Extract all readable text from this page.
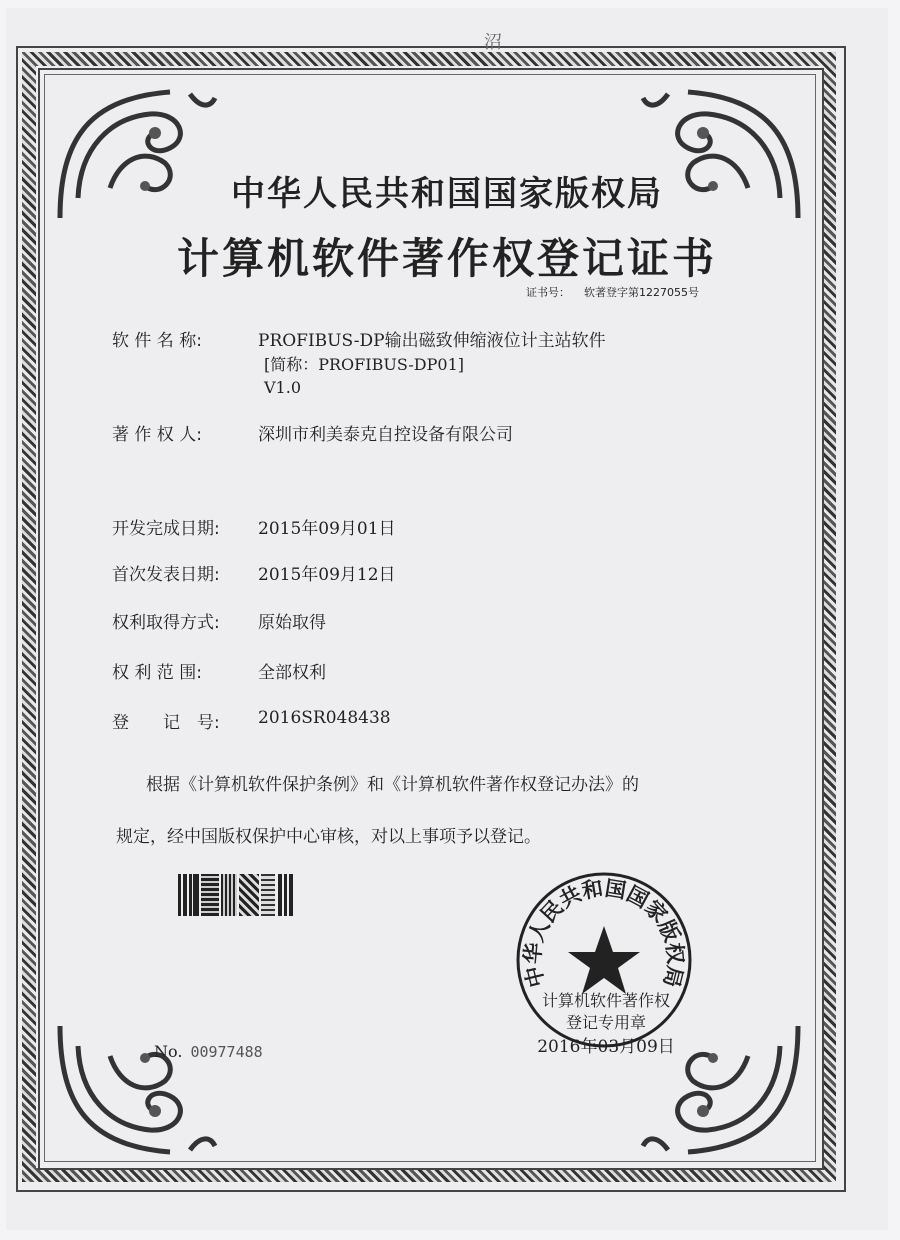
沼
中华人民共和国国家版权局
计算机软件著作权登记证书
证书号： 软著登字第1227055号
软 件 名 称:	PROFIBUS-DP输出磁致伸缩液位计主站软件
[简称：PROFIBUS-DP01]
V1.0
著 作 权 人:	深圳市利美泰克自控设备有限公司
开发完成日期: 2015年09月01日
首次发表日期: 2015年09月12日
权利取得方式: 原始取得
权 利 范 围:	全部权利
登　　记　号: 2016SR048438
根据《计算机软件保护条例》和《计算机软件著作权登记办法》的
规定，经中国版权保护中心审核，对以上事项予以登记。
No. 00977488
中华人民共和国国家版权局
计算机软件著作权
登记专用章
2016年03月09日
